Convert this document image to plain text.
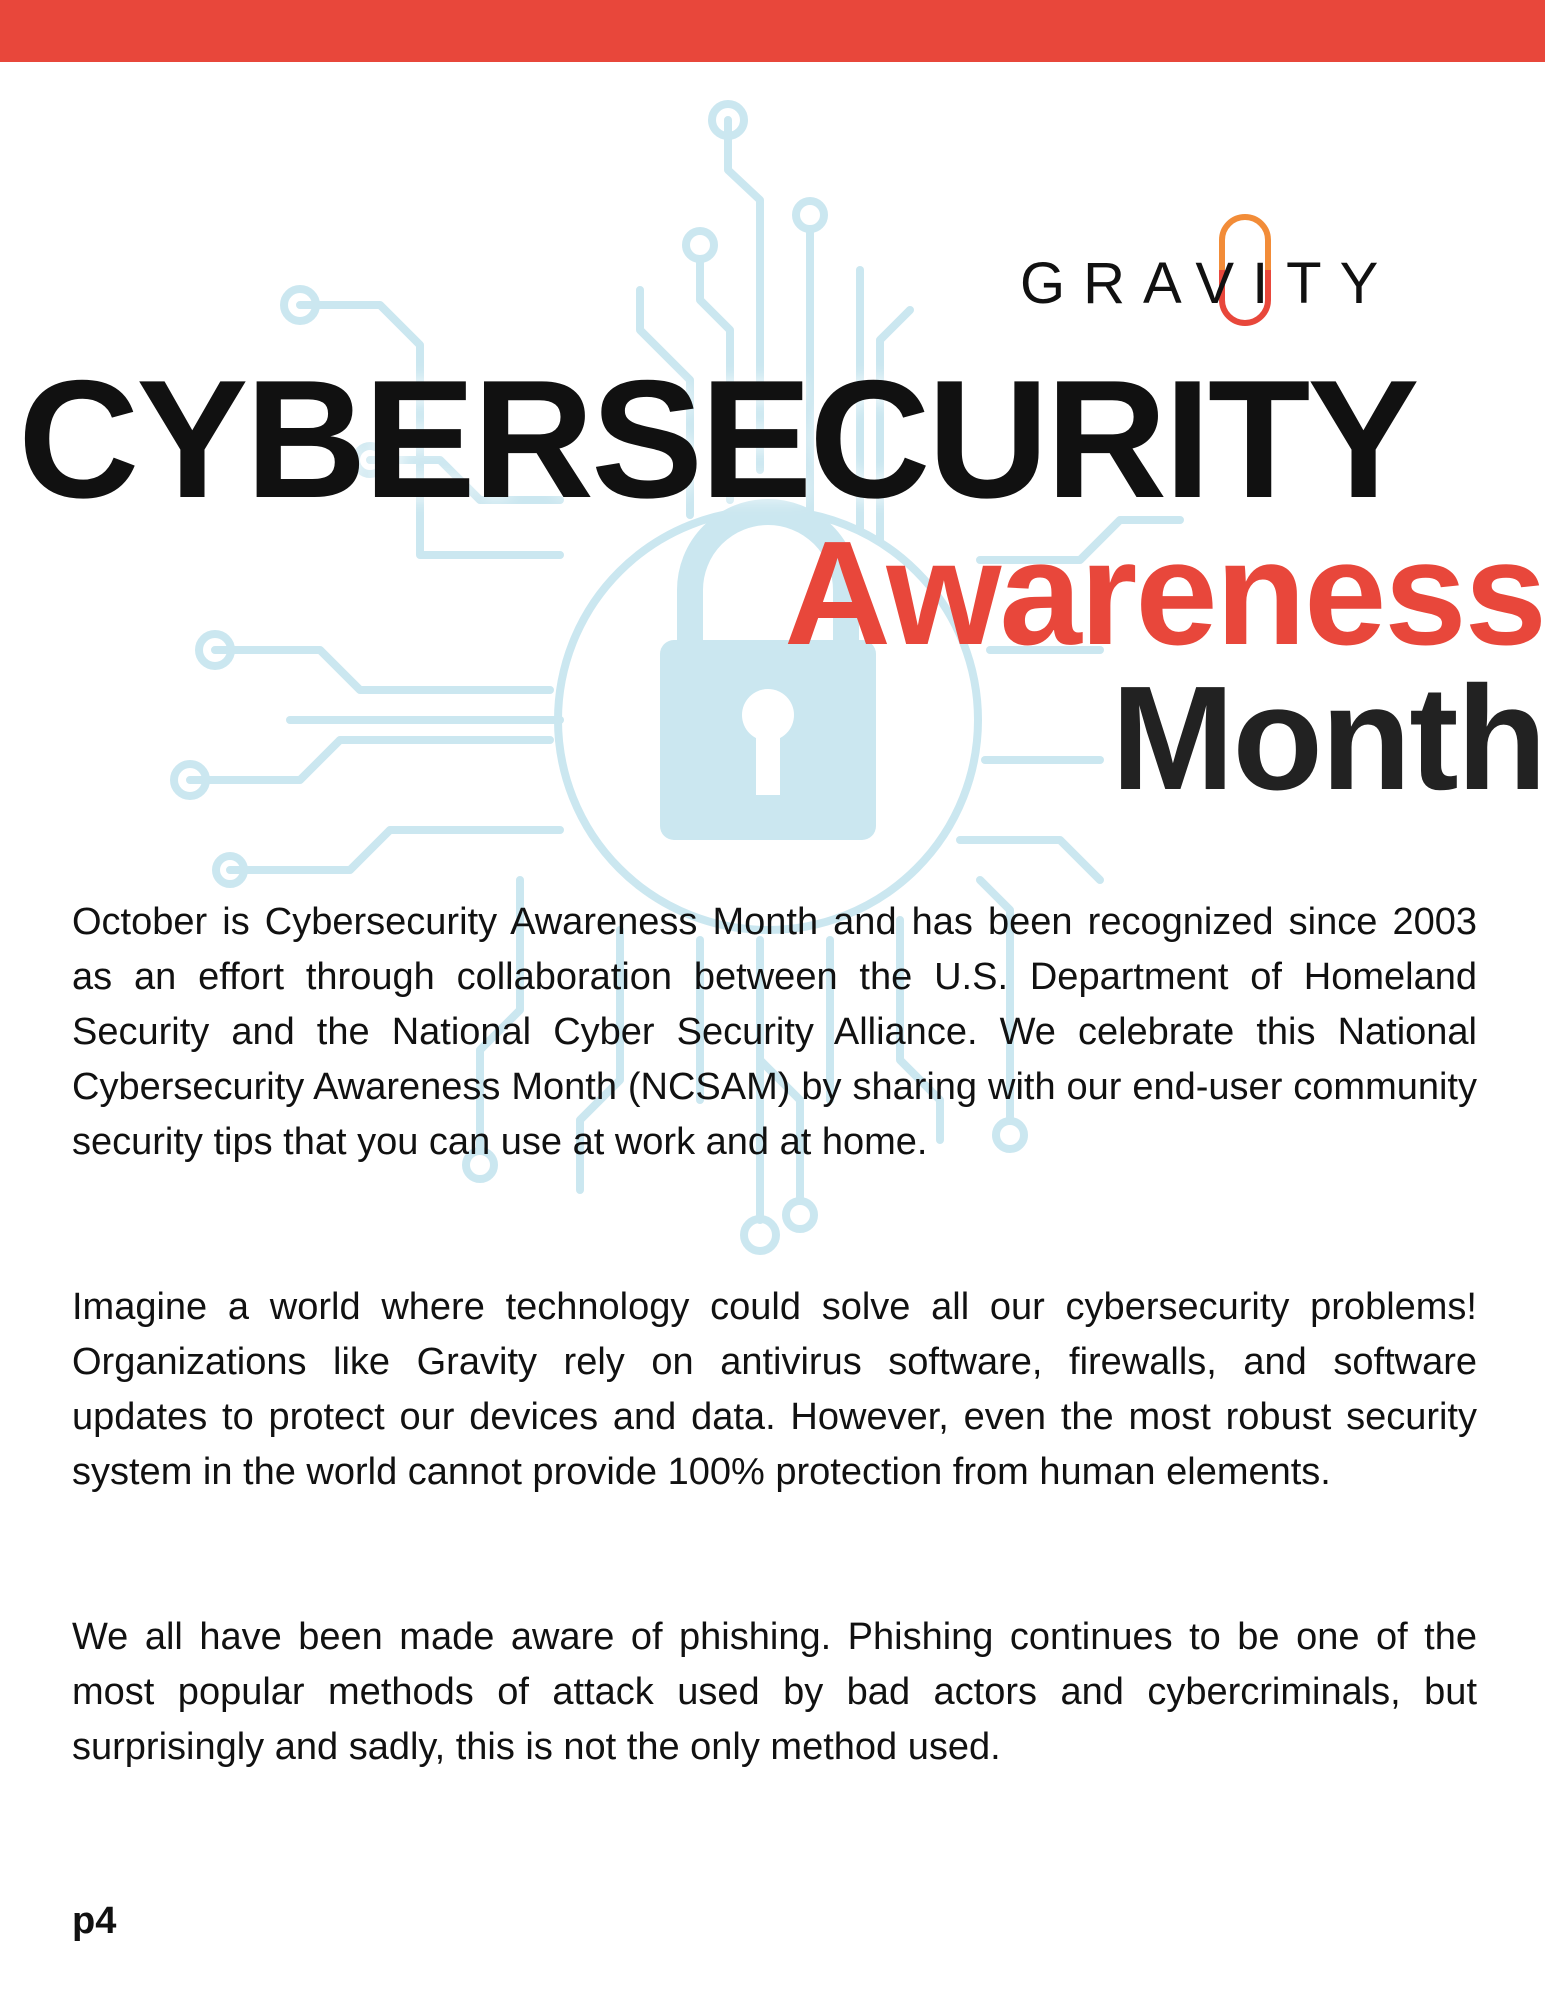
GRAVITY
CYBERSECURITY
Awareness
Month

October is Cybersecurity Awareness Month and has been recognized since 2003 as an effort through collaboration between the U.S. Department of Homeland Security and the National Cyber Security Alliance. We celebrate this National Cybersecurity Awareness Month (NCSAM) by sharing with our end-user community security tips that you can use at work and at home.

Imagine a world where technology could solve all our cybersecurity problems! Organizations like Gravity rely on antivirus software, firewalls, and software updates to protect our devices and data. However, even the most robust security system in the world cannot provide 100% protection from human elements.

We all have been made aware of phishing. Phishing continues to be one of the most popular methods of attack used by bad actors and cybercriminals, but surprisingly and sadly, this is not the only method used.

p4
